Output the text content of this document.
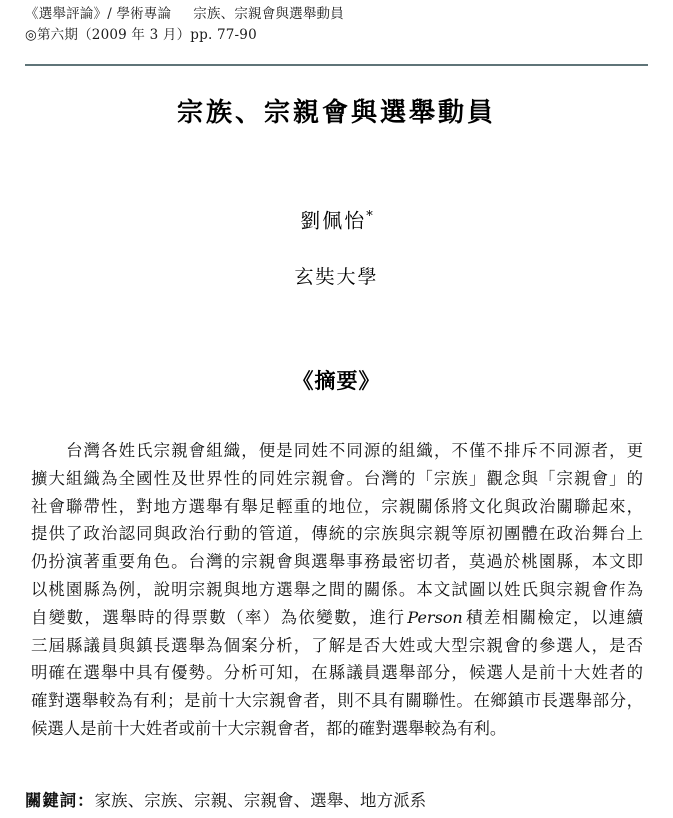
《選舉評論》/ 學術專論 宗族、宗親會與選舉動員
◎第六期（2009 年 3 月）pp. 77-90
宗族、宗親會與選舉動員
劉佩怡*
玄奘大學
《摘要》
台灣各姓氏宗親會組織，便是同姓不同源的組織，不僅不排斥不同源者，更
擴大組織為全國性及世界性的同姓宗親會。台灣的「宗族」觀念與「宗親會」的
社會聯帶性，對地方選舉有舉足輕重的地位，宗親關係將文化與政治關聯起來，
提供了政治認同與政治行動的管道，傳統的宗族與宗親等原初團體在政治舞台上
仍扮演著重要角色。台灣的宗親會與選舉事務最密切者，莫過於桃園縣，本文即
以桃園縣為例，說明宗親與地方選舉之間的關係。本文試圖以姓氏與宗親會作為
自變數，選舉時的得票數（率）為依變數，進行 Person 積差相關檢定，以連續
三屆縣議員與鎮長選舉為個案分析，了解是否大姓或大型宗親會的參選人，是否
明確在選舉中具有優勢。分析可知，在縣議員選舉部分，候選人是前十大姓者的
確對選舉較為有利；是前十大宗親會者，則不具有關聯性。在鄉鎮市長選舉部分，
候選人是前十大姓者或前十大宗親會者，都的確對選舉較為有利。
關鍵詞：家族、宗族、宗親、宗親會、選舉、地方派系
